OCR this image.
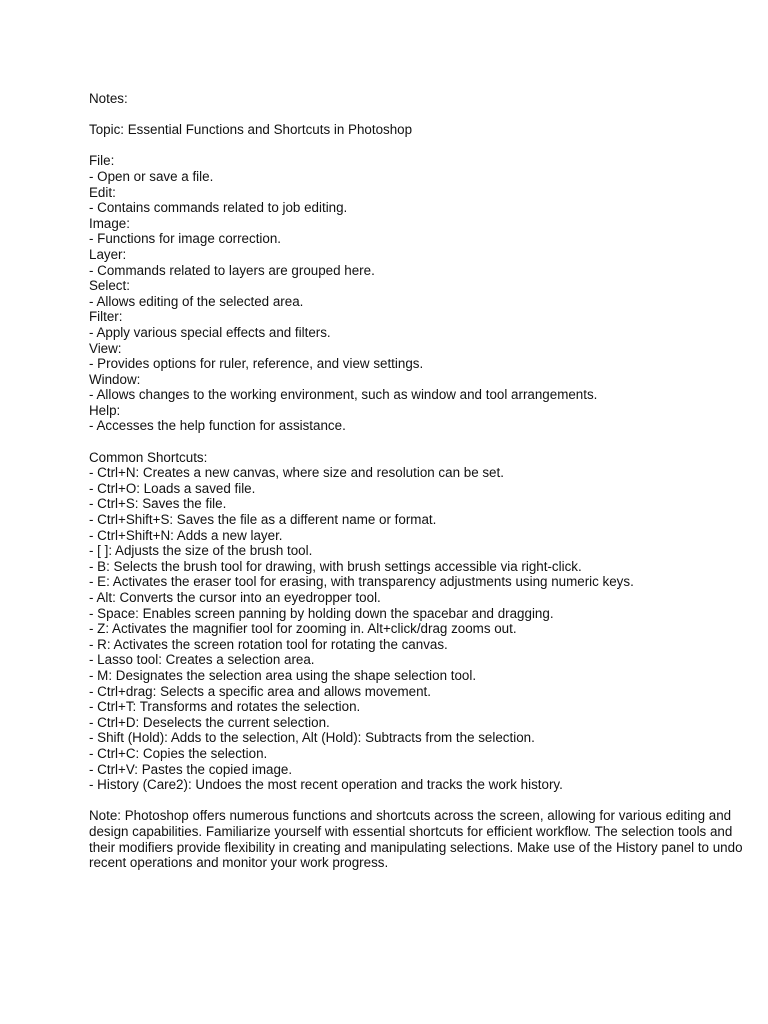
Notes:
Topic: Essential Functions and Shortcuts in Photoshop
File:
- Open or save a file.
Edit:
- Contains commands related to job editing.
Image:
- Functions for image correction.
Layer:
- Commands related to layers are grouped here.
Select:
- Allows editing of the selected area.
Filter:
- Apply various special effects and filters.
View:
- Provides options for ruler, reference, and view settings.
Window:
- Allows changes to the working environment, such as window and tool arrangements.
Help:
- Accesses the help function for assistance.
Common Shortcuts:
- Ctrl+N: Creates a new canvas, where size and resolution can be set.
- Ctrl+O: Loads a saved file.
- Ctrl+S: Saves the file.
- Ctrl+Shift+S: Saves the file as a different name or format.
- Ctrl+Shift+N: Adds a new layer.
- [ ]: Adjusts the size of the brush tool.
- B: Selects the brush tool for drawing, with brush settings accessible via right-click.
- E: Activates the eraser tool for erasing, with transparency adjustments using numeric keys.
- Alt: Converts the cursor into an eyedropper tool.
- Space: Enables screen panning by holding down the spacebar and dragging.
- Z: Activates the magnifier tool for zooming in. Alt+click/drag zooms out.
- R: Activates the screen rotation tool for rotating the canvas.
- Lasso tool: Creates a selection area.
- M: Designates the selection area using the shape selection tool.
- Ctrl+drag: Selects a specific area and allows movement.
- Ctrl+T: Transforms and rotates the selection.
- Ctrl+D: Deselects the current selection.
- Shift (Hold): Adds to the selection, Alt (Hold): Subtracts from the selection.
- Ctrl+C: Copies the selection.
- Ctrl+V: Pastes the copied image.
- History (Care2): Undoes the most recent operation and tracks the work history.
Note: Photoshop offers numerous functions and shortcuts across the screen, allowing for various editing and design capabilities. Familiarize yourself with essential shortcuts for efficient workflow. The selection tools and their modifiers provide flexibility in creating and manipulating selections. Make use of the History panel to undo recent operations and monitor your work progress.
